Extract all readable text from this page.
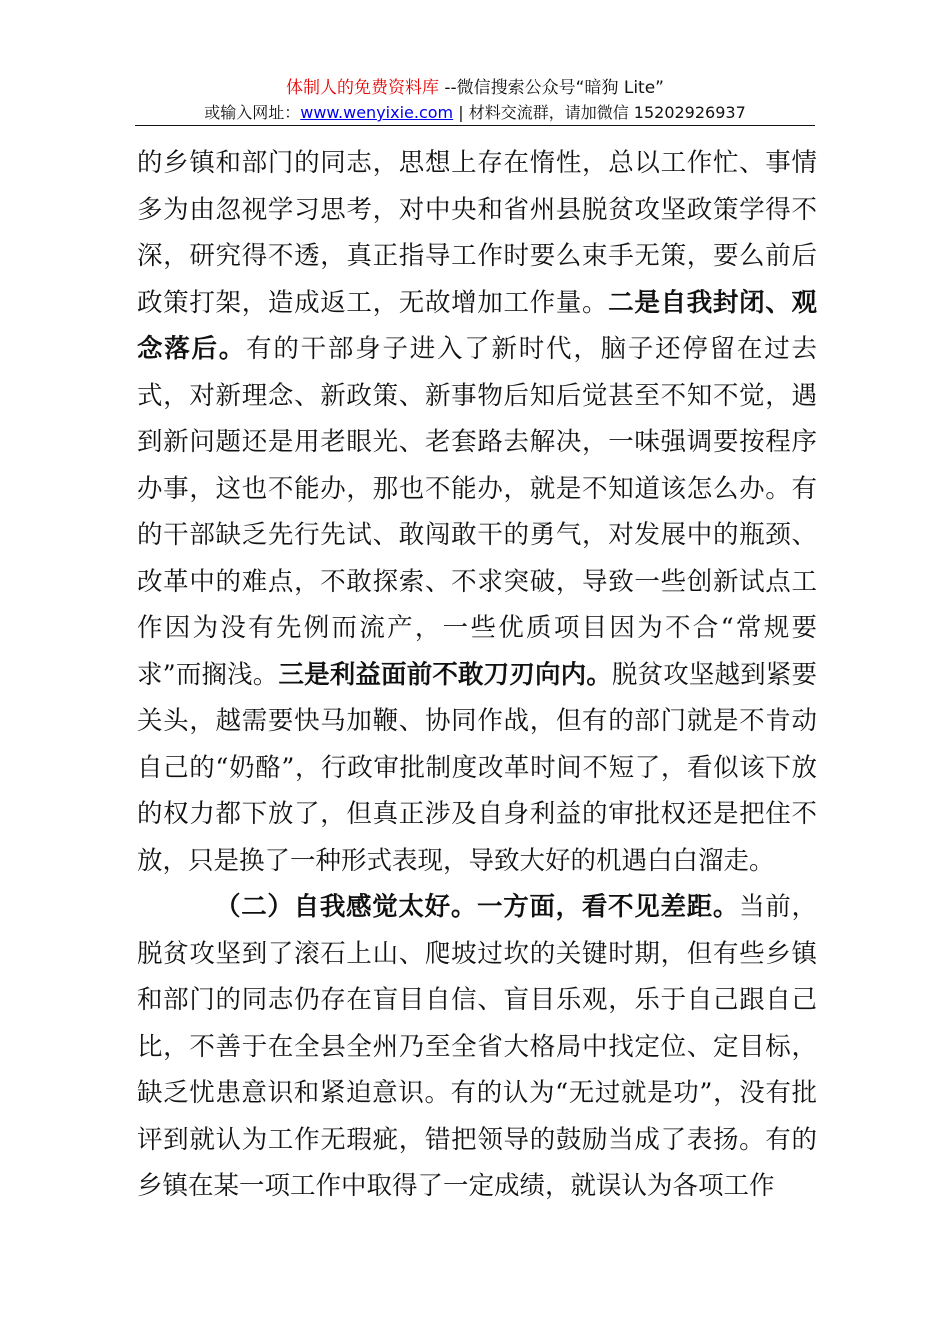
体制人的免费资料库 --微信搜索公众号“暗狗 Lite”
或输入网址：www.wenyixie.com | 材料交流群，请加微信 15202926937

的乡镇和部门的同志，思想上存在惰性，总以工作忙、事情多为由忽视学习思考，对中央和省州县脱贫攻坚政策学得不深，研究得不透，真正指导工作时要么束手无策，要么前后政策打架，造成返工，无故增加工作量。二是自我封闭、观念落后。有的干部身子进入了新时代，脑子还停留在过去式，对新理念、新政策、新事物后知后觉甚至不知不觉，遇到新问题还是用老眼光、老套路去解决，一味强调要按程序办事，这也不能办，那也不能办，就是不知道该怎么办。有的干部缺乏先行先试、敢闯敢干的勇气，对发展中的瓶颈、改革中的难点，不敢探索、不求突破，导致一些创新试点工作因为没有先例而流产，一些优质项目因为不合“常规要求”而搁浅。三是利益面前不敢刀刃向内。脱贫攻坚越到紧要关头，越需要快马加鞭、协同作战，但有的部门就是不肯动自己的“奶酪”，行政审批制度改革时间不短了，看似该下放的权力都下放了，但真正涉及自身利益的审批权还是把住不放，只是换了一种形式表现，导致大好的机遇白白溜走。

（二）自我感觉太好。一方面，看不见差距。当前，脱贫攻坚到了滚石上山、爬坡过坎的关键时期，但有些乡镇和部门的同志仍存在盲目自信、盲目乐观，乐于自己跟自己比，不善于在全县全州乃至全省大格局中找定位、定目标，缺乏忧患意识和紧迫意识。有的认为“无过就是功”，没有批评到就认为工作无瑕疵，错把领导的鼓励当成了表扬。有的乡镇在某一项工作中取得了一定成绩，就误认为各项工作
